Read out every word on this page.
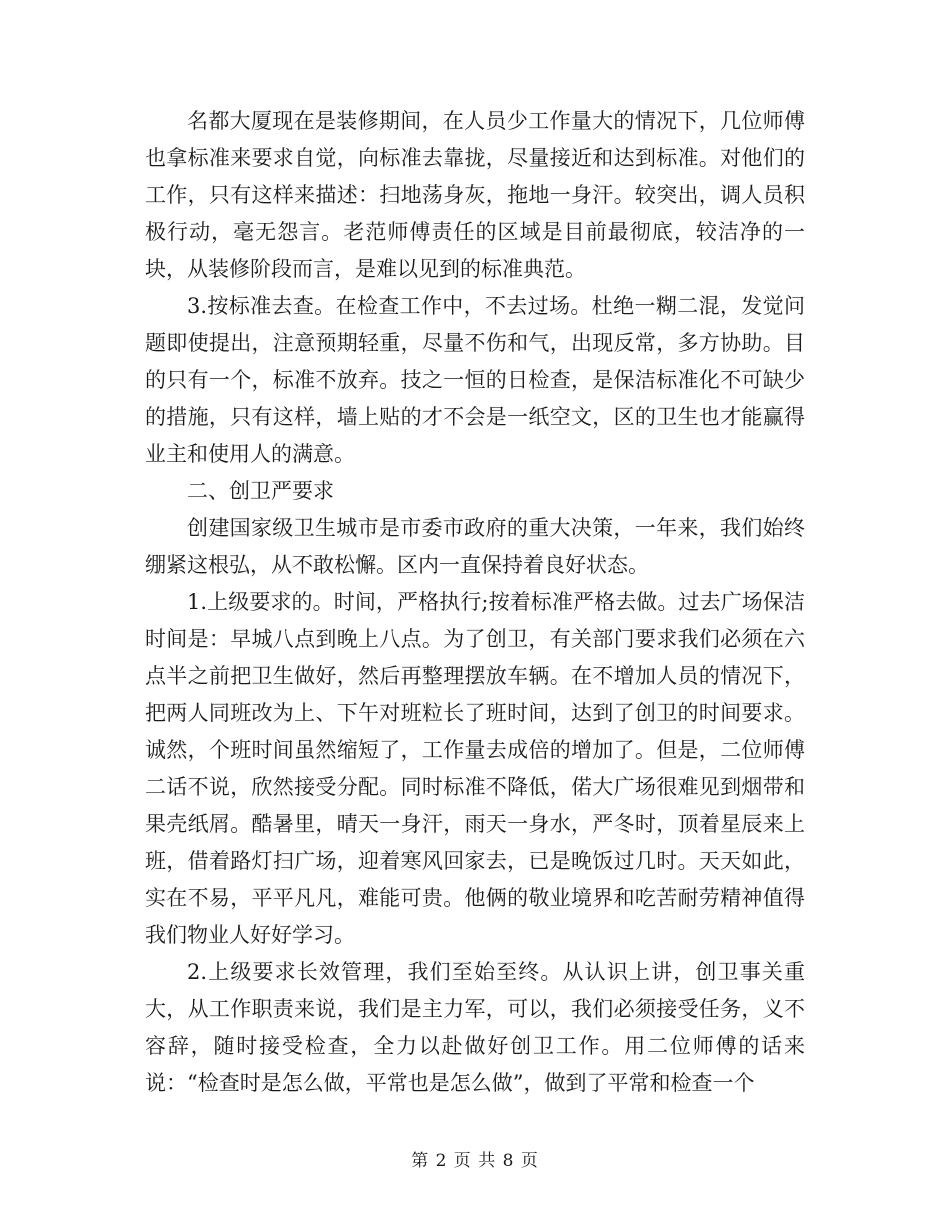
名都大厦现在是装修期间，在人员少工作量大的情况下，几位师傅也拿标准来要求自觉，向标准去靠拢，尽量接近和达到标准。对他们的工作，只有这样来描述：扫地荡身灰，拖地一身汗。较突出，调人员积极行动，毫无怨言。老范师傅责任的区域是目前最彻底，较洁净的一块，从装修阶段而言，是难以见到的标准典范。

3.按标准去查。在检查工作中，不去过场。杜绝一糊二混，发觉问题即使提出，注意预期轻重，尽量不伤和气，出现反常，多方协助。目的只有一个，标准不放弃。技之一恒的日检查，是保洁标准化不可缺少的措施，只有这样，墙上贴的才不会是一纸空文，区的卫生也才能赢得业主和使用人的满意。

二、创卫严要求

创建国家级卫生城市是市委市政府的重大决策，一年来，我们始终绷紧这根弘，从不敢松懈。区内一直保持着良好状态。

1.上级要求的。时间，严格执行;按着标准严格去做。过去广场保洁时间是：早城八点到晚上八点。为了创卫，有关部门要求我们必须在六点半之前把卫生做好，然后再整理摆放车辆。在不增加人员的情况下，把两人同班改为上、下午对班粒长了班时间，达到了创卫的时间要求。诚然，个班时间虽然缩短了，工作量去成倍的增加了。但是，二位师傅二话不说，欣然接受分配。同时标准不降低，偌大广场很难见到烟带和果壳纸屑。酷暑里，晴天一身汗，雨天一身水，严冬时，顶着星辰来上班，借着路灯扫广场，迎着寒风回家去，已是晚饭过几时。天天如此，实在不易，平平凡凡，难能可贵。他俩的敬业境界和吃苦耐劳精神值得我们物业人好好学习。

2.上级要求长效管理，我们至始至终。从认识上讲，创卫事关重大，从工作职责来说，我们是主力军，可以，我们必须接受任务，义不容辞，随时接受检查，全力以赴做好创卫工作。用二位师傅的话来说：“检查时是怎么做，平常也是怎么做”，做到了平常和检查一个

第 2 页 共 8 页
